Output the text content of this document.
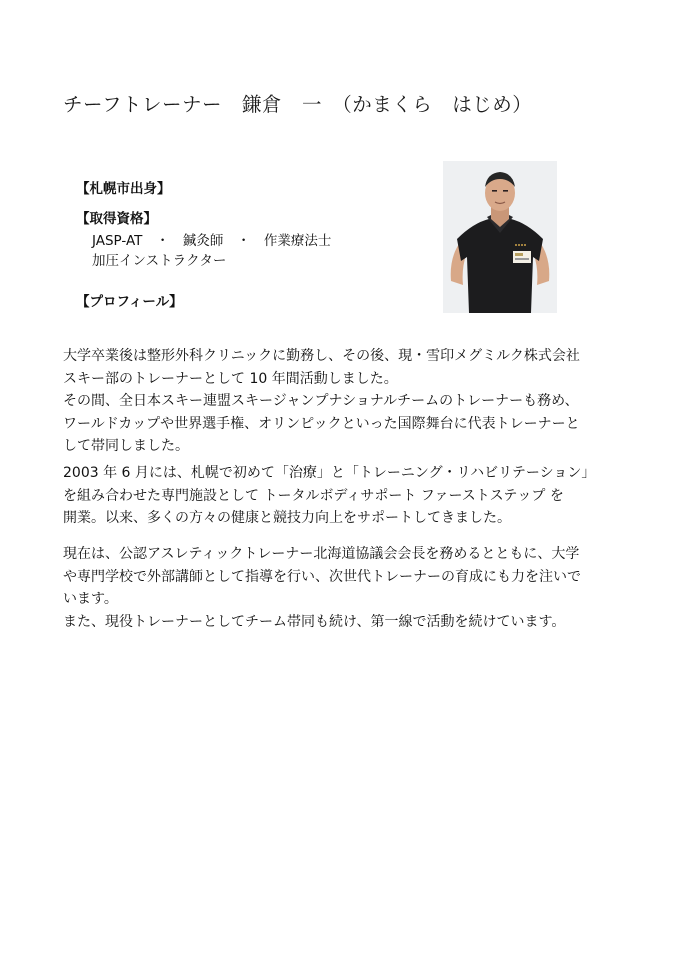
チーフトレーナー　鎌倉　一　（かまくら　はじめ）
【札幌市出身】
【取得資格】
JASP-AT　・　鍼灸師　・　作業療法士
加圧インストラクター
【プロフィール】

大学卒業後は整形外科クリニックに勤務し、その後、現・雪印メグミルク株式会社

スキー部のトレーナーとして 10 年間活動しました。

その間、全日本スキー連盟スキージャンプナショナルチームのトレーナーも務め、

ワールドカップや世界選手権、オリンピックといった国際舞台に代表トレーナーと

して帯同しました。

2003 年 6 月には、札幌で初めて「治療」と「トレーニング・リハビリテーション」

を組み合わせた専門施設として トータルボディサポート ファーストステップ を

開業。以来、多くの方々の健康と競技力向上をサポートしてきました。

現在は、公認アスレティックトレーナー北海道協議会会長を務めるとともに、大学

や専門学校で外部講師として指導を行い、次世代トレーナーの育成にも力を注いで

います。

また、現役トレーナーとしてチーム帯同も続け、第一線で活動を続けています。
